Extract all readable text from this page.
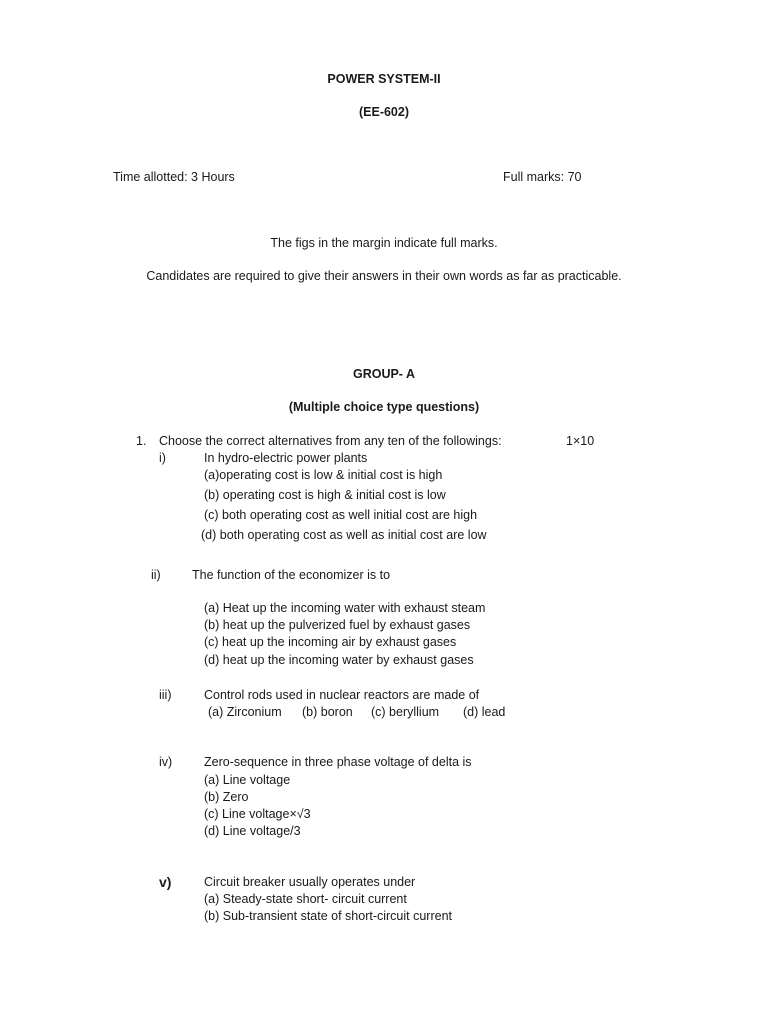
POWER SYSTEM-II
(EE-602)
Time allotted: 3 Hours	Full marks: 70
The figs in the margin indicate full marks.
Candidates are required to give their answers in their own words as far as practicable.
GROUP- A
(Multiple choice type questions)
1. Choose the correct alternatives from any ten of the followings:	1×10
i)	In hydro-electric power plants
(a)operating cost is low & initial cost is high
(b) operating cost is high & initial cost is low
(c) both operating cost as well initial cost are high
(d) both operating cost as well as initial cost are low
ii)	The function of the economizer is to
(a) Heat up the incoming water with exhaust steam
(b) heat up the pulverized fuel by exhaust gases
(c) heat up the incoming air by exhaust gases
(d) heat up the incoming water by exhaust gases
iii)	Control rods used in nuclear reactors are made of
(a) Zirconium (b) boron (c) beryllium (d) lead
iv)	Zero-sequence in three phase voltage of delta is
(a) Line voltage
(b) Zero
(c) Line voltage×√3
(d) Line voltage/3
v)	Circuit breaker usually operates under
(a) Steady-state short- circuit current
(b) Sub-transient state of short-circuit current
